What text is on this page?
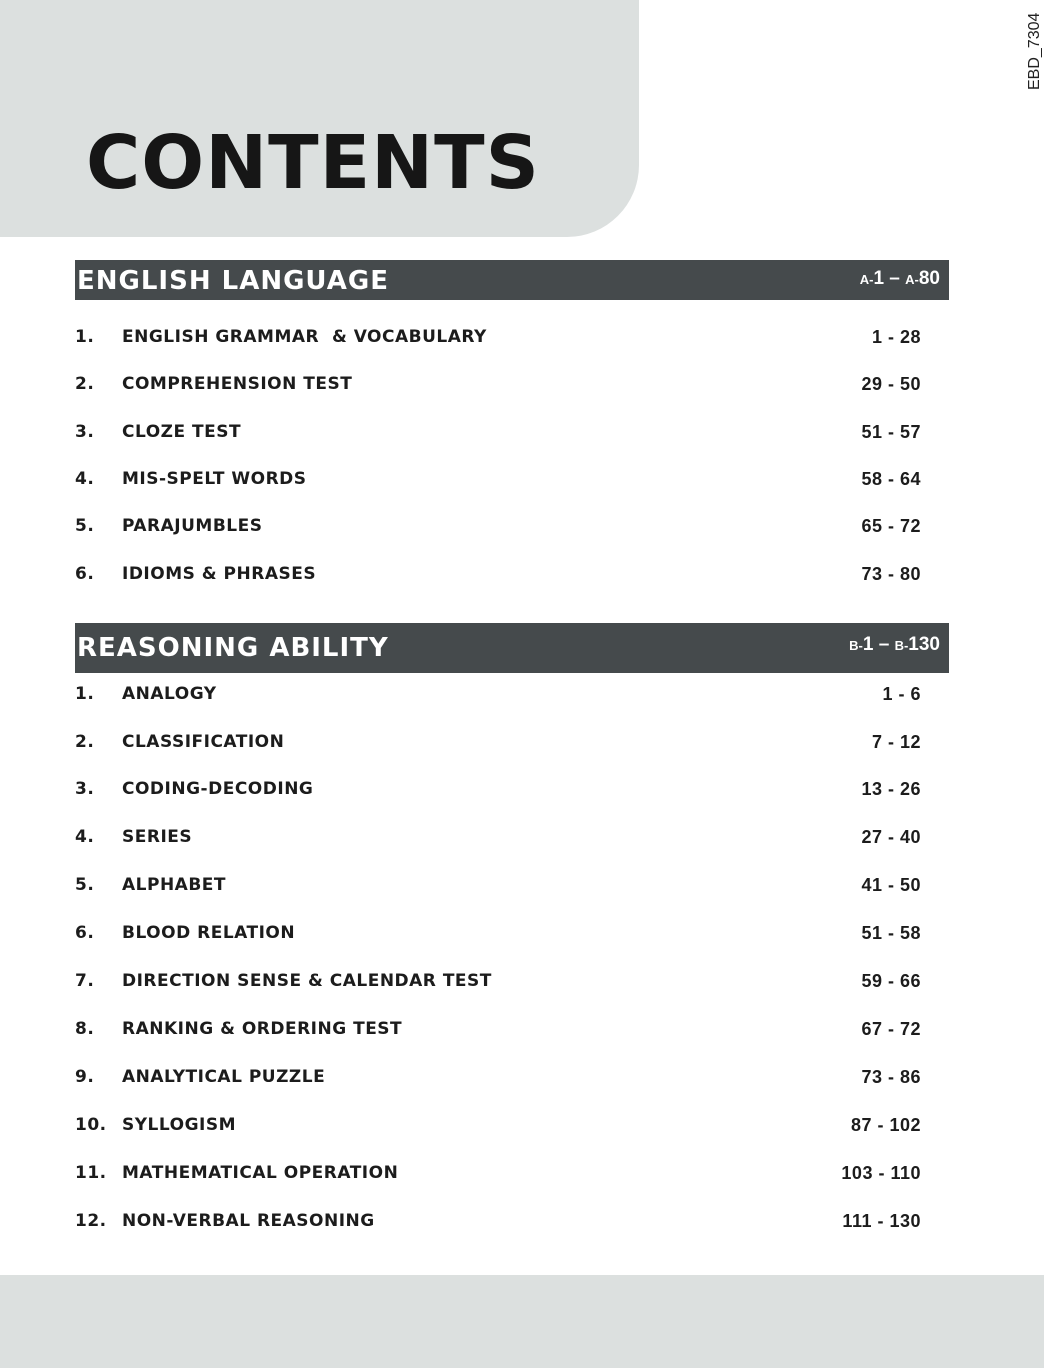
CONTENTS
EBD_7304
ENGLISH LANGUAGE	A-1 – A-80
1. ENGLISH GRAMMAR  & VOCABULARY	1 - 28
2. COMPREHENSION TEST	29 - 50
3. CLOZE TEST	51 - 57
4. MIS-SPELT WORDS	58 - 64
5. PARAJUMBLES	65 - 72
6. IDIOMS & PHRASES	73 - 80
REASONING ABILITY	B-1 – B-130
1. ANALOGY	1 - 6
2. CLASSIFICATION	7 - 12
3. CODING-DECODING	13 - 26
4. SERIES	27 - 40
5. ALPHABET	41 - 50
6. BLOOD RELATION	51 - 58
7. DIRECTION SENSE & CALENDAR TEST	59 - 66
8. RANKING & ORDERING TEST	67 - 72
9. ANALYTICAL PUZZLE	73 - 86
10. SYLLOGISM	87 - 102
11. MATHEMATICAL OPERATION	103 - 110
12. NON-VERBAL REASONING	111 - 130
